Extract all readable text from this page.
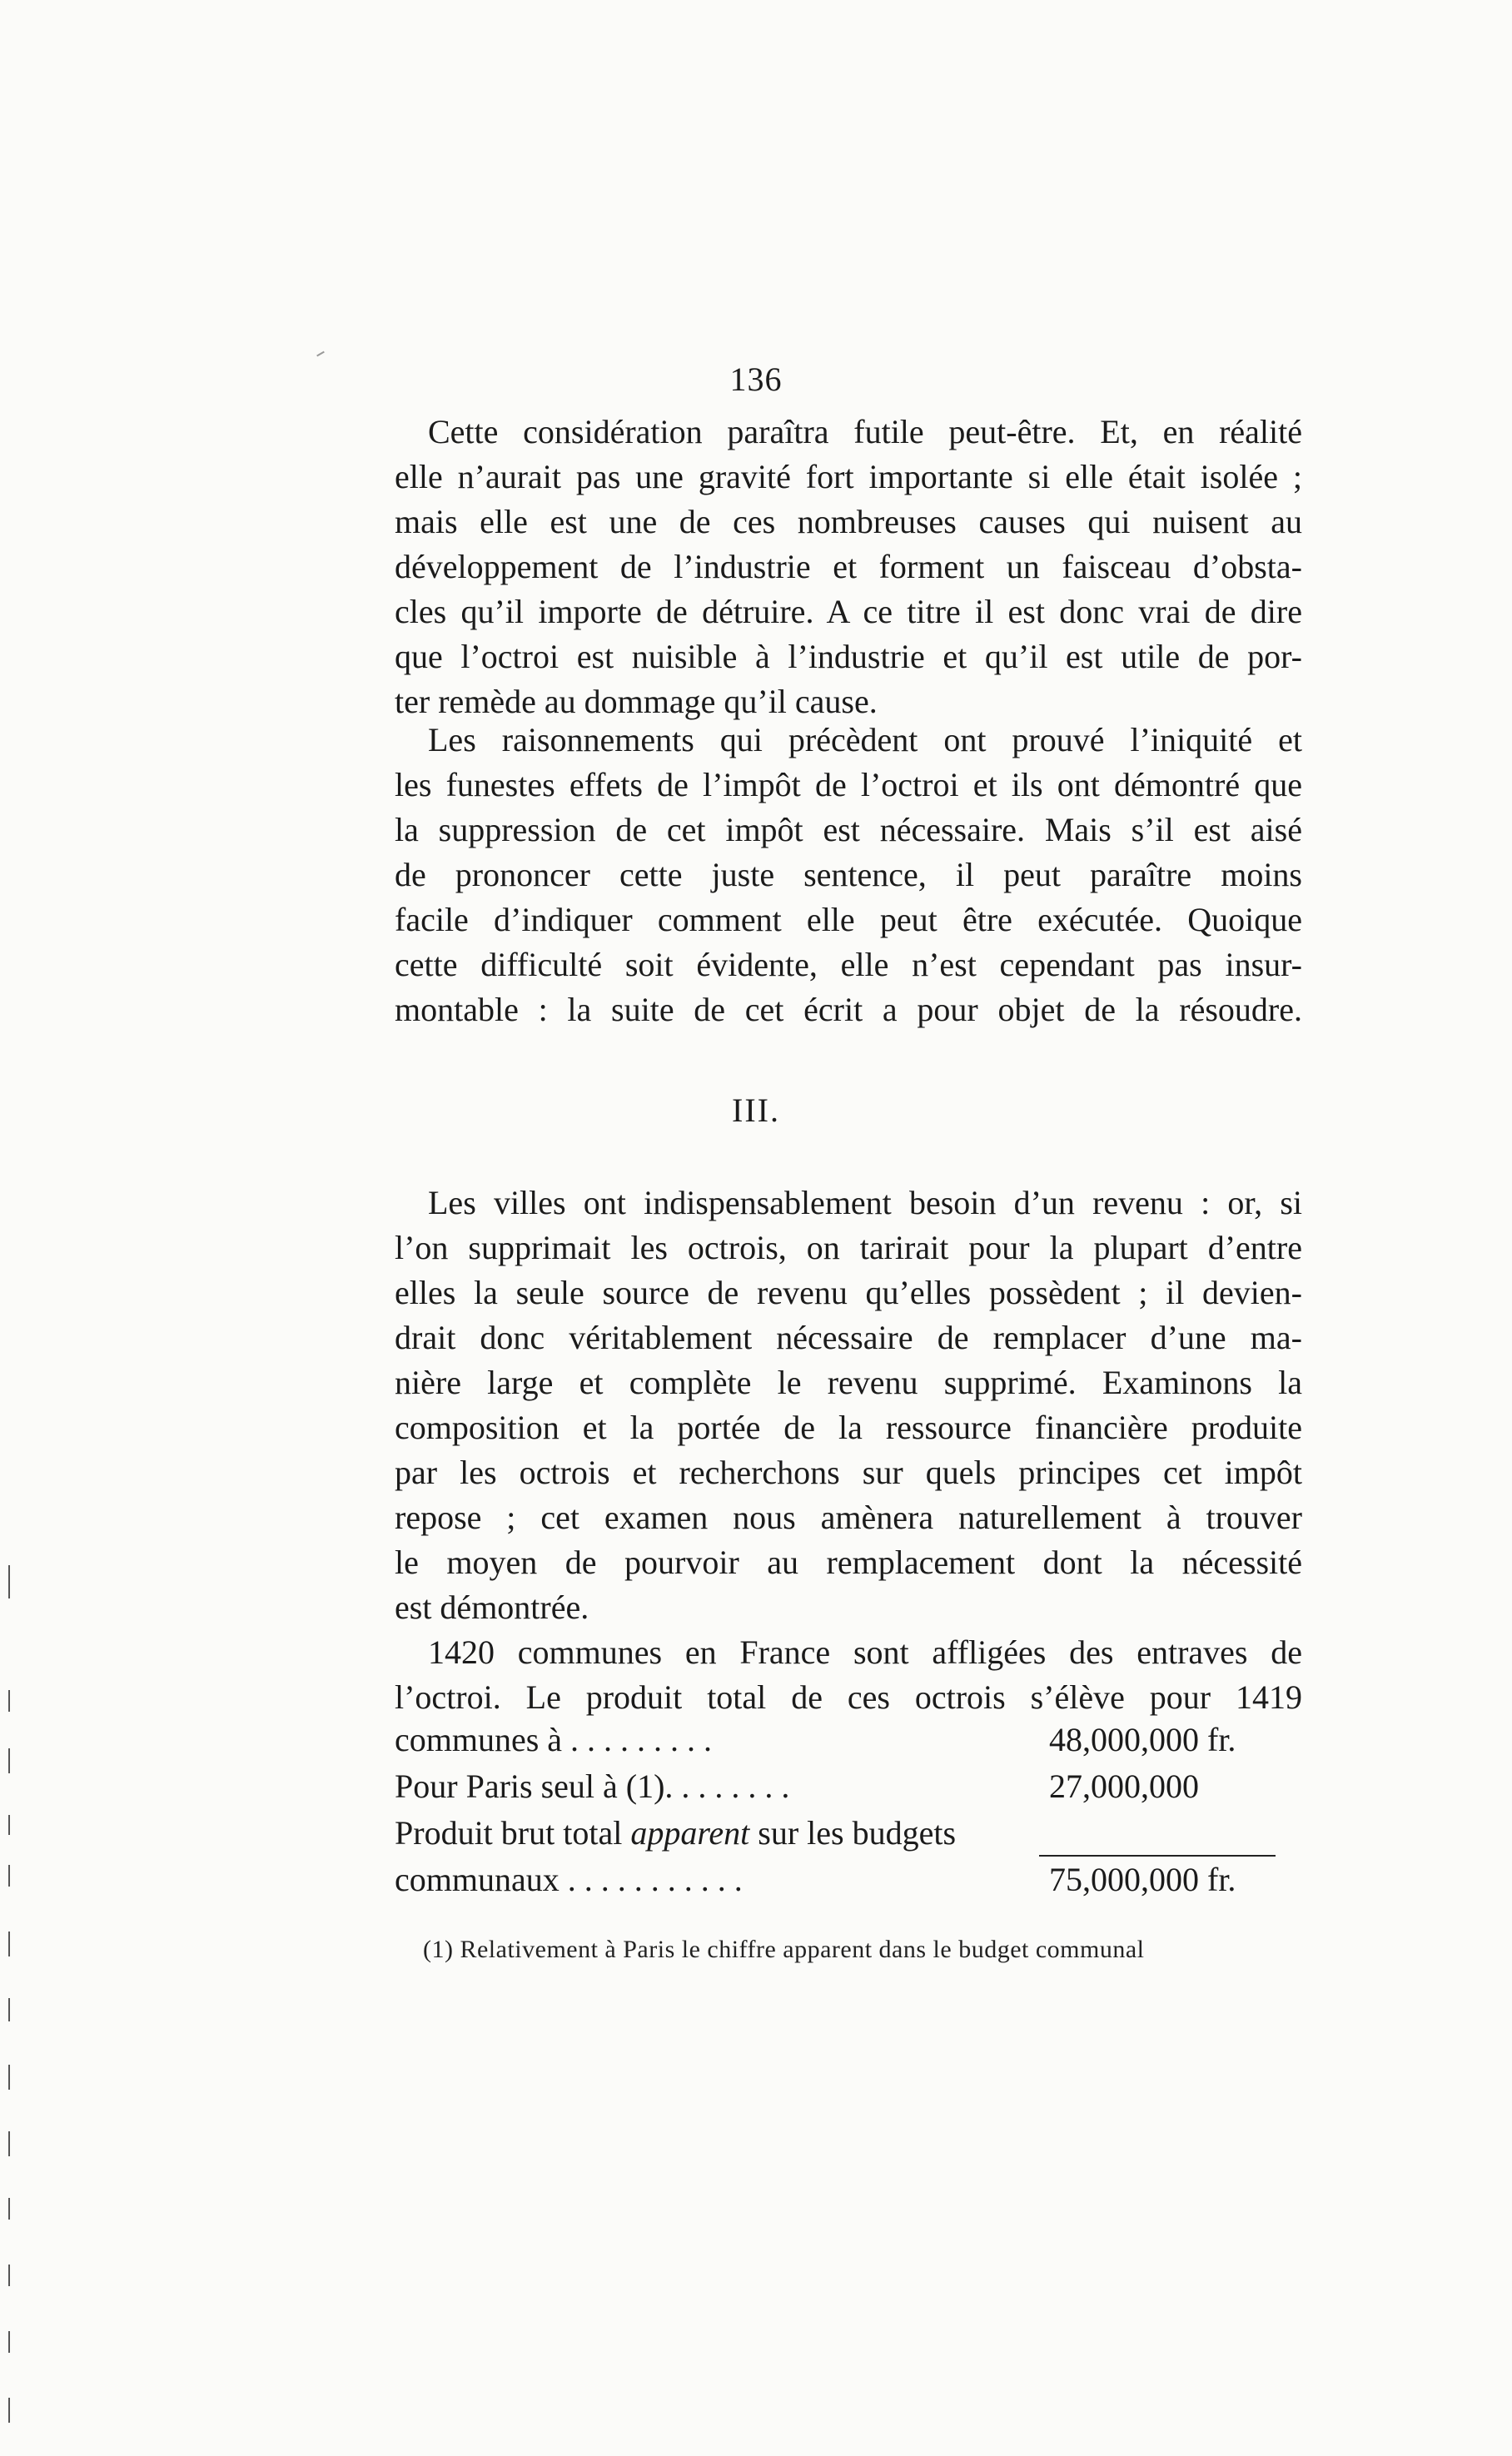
136
Cette considération paraîtra futile peut-être. Et, en réalité
elle n’aurait pas une gravité fort importante si elle était isolée ;
mais elle est une de ces nombreuses causes qui nuisent au
développement de l’industrie et forment un faisceau d’obsta-
cles qu’il importe de détruire. A ce titre il est donc vrai de dire
que l’octroi est nuisible à l’industrie et qu’il est utile de por-
ter remède au dommage qu’il cause.
Les raisonnements qui précèdent ont prouvé l’iniquité et
les funestes effets de l’impôt de l’octroi et ils ont démontré que
la suppression de cet impôt est nécessaire. Mais s’il est aisé
de prononcer cette juste sentence, il peut paraître moins
facile d’indiquer comment elle peut être exécutée. Quoique
cette difficulté soit évidente, elle n’est cependant pas insur-
montable : la suite de cet écrit a pour objet de la résoudre.
III.
Les villes ont indispensablement besoin d’un revenu : or, si
l’on supprimait les octrois, on tarirait pour la plupart d’entre
elles la seule source de revenu qu’elles possèdent ; il devien-
drait donc véritablement nécessaire de remplacer d’une ma-
nière large et complète le revenu supprimé. Examinons la
composition et la portée de la ressource financière produite
par les octrois et recherchons sur quels principes cet impôt
repose ; cet examen nous amènera naturellement à trouver
le moyen de pourvoir au remplacement dont la nécessité
est démontrée.
1420 communes en France sont affligées des entraves de
l’octroi. Le produit total de ces octrois s’élève pour 1419
communes à . . . . . . . . .	48,000,000 fr.
Pour Paris seul à (1). . . . . . . .	27,000,000
Produit brut total apparent sur les budgets
communaux . . . . . . . . . . .	75,000,000 fr.
(1) Relativement à Paris le chiffre apparent dans le budget communal
